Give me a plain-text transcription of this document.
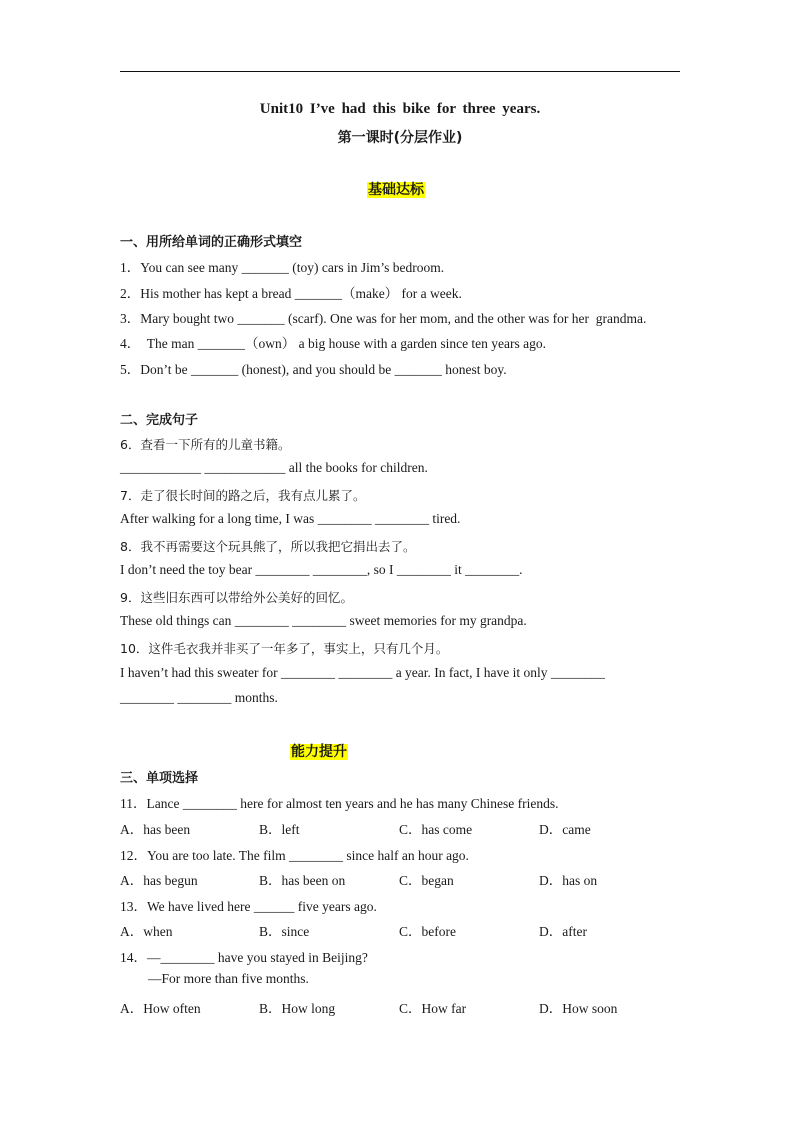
Unit10 I’ve had this bike for three years.
第一课时(分层作业)
基础达标
一、用所给单词的正确形式填空
1．You can see many _______ (toy) cars in Jim’s bedroom.
2．His mother has kept a bread _______（make） for a week.
3．Mary bought two _______ (scarf). One was for her mom, and the other was for her  grandma.
4．  The man _______（own） a big house with a garden since ten years ago.
5．Don’t be _______ (honest), and you should be _______ honest boy.
二、完成句子
6．查看一下所有的儿童书籍。
____________ ____________ all the books for children.
7．走了很长时间的路之后，我有点儿累了。
After walking for a long time, I was ________ ________ tired.
8．我不再需要这个玩具熊了，所以我把它捐出去了。
I don’t need the toy bear ________ ________, so I ________ it ________.
9．这些旧东西可以带给外公美好的回忆。
These old things can ________ ________ sweet memories for my grandpa.
10．这件毛衣我并非买了一年多了，事实上，只有几个月。
I haven’t had this sweater for ________ ________ a year. In fact, I have it only ________
________ ________ months.
能力提升
三、单项选择
11．Lance ________ here for almost ten years and he has many Chinese friends.
A．has been	B．left	C．has come	D．came
12．You are too late. The film ________ since half an hour ago.
A．has begun	B．has been on	C．began	D．has on
13．We have lived here ______ five years ago.
A．when	B．since	C．before	D．after
14．—________ have you stayed in Beijing?
—For more than five months.
A．How often	B．How long	C．How far	D．How soon
